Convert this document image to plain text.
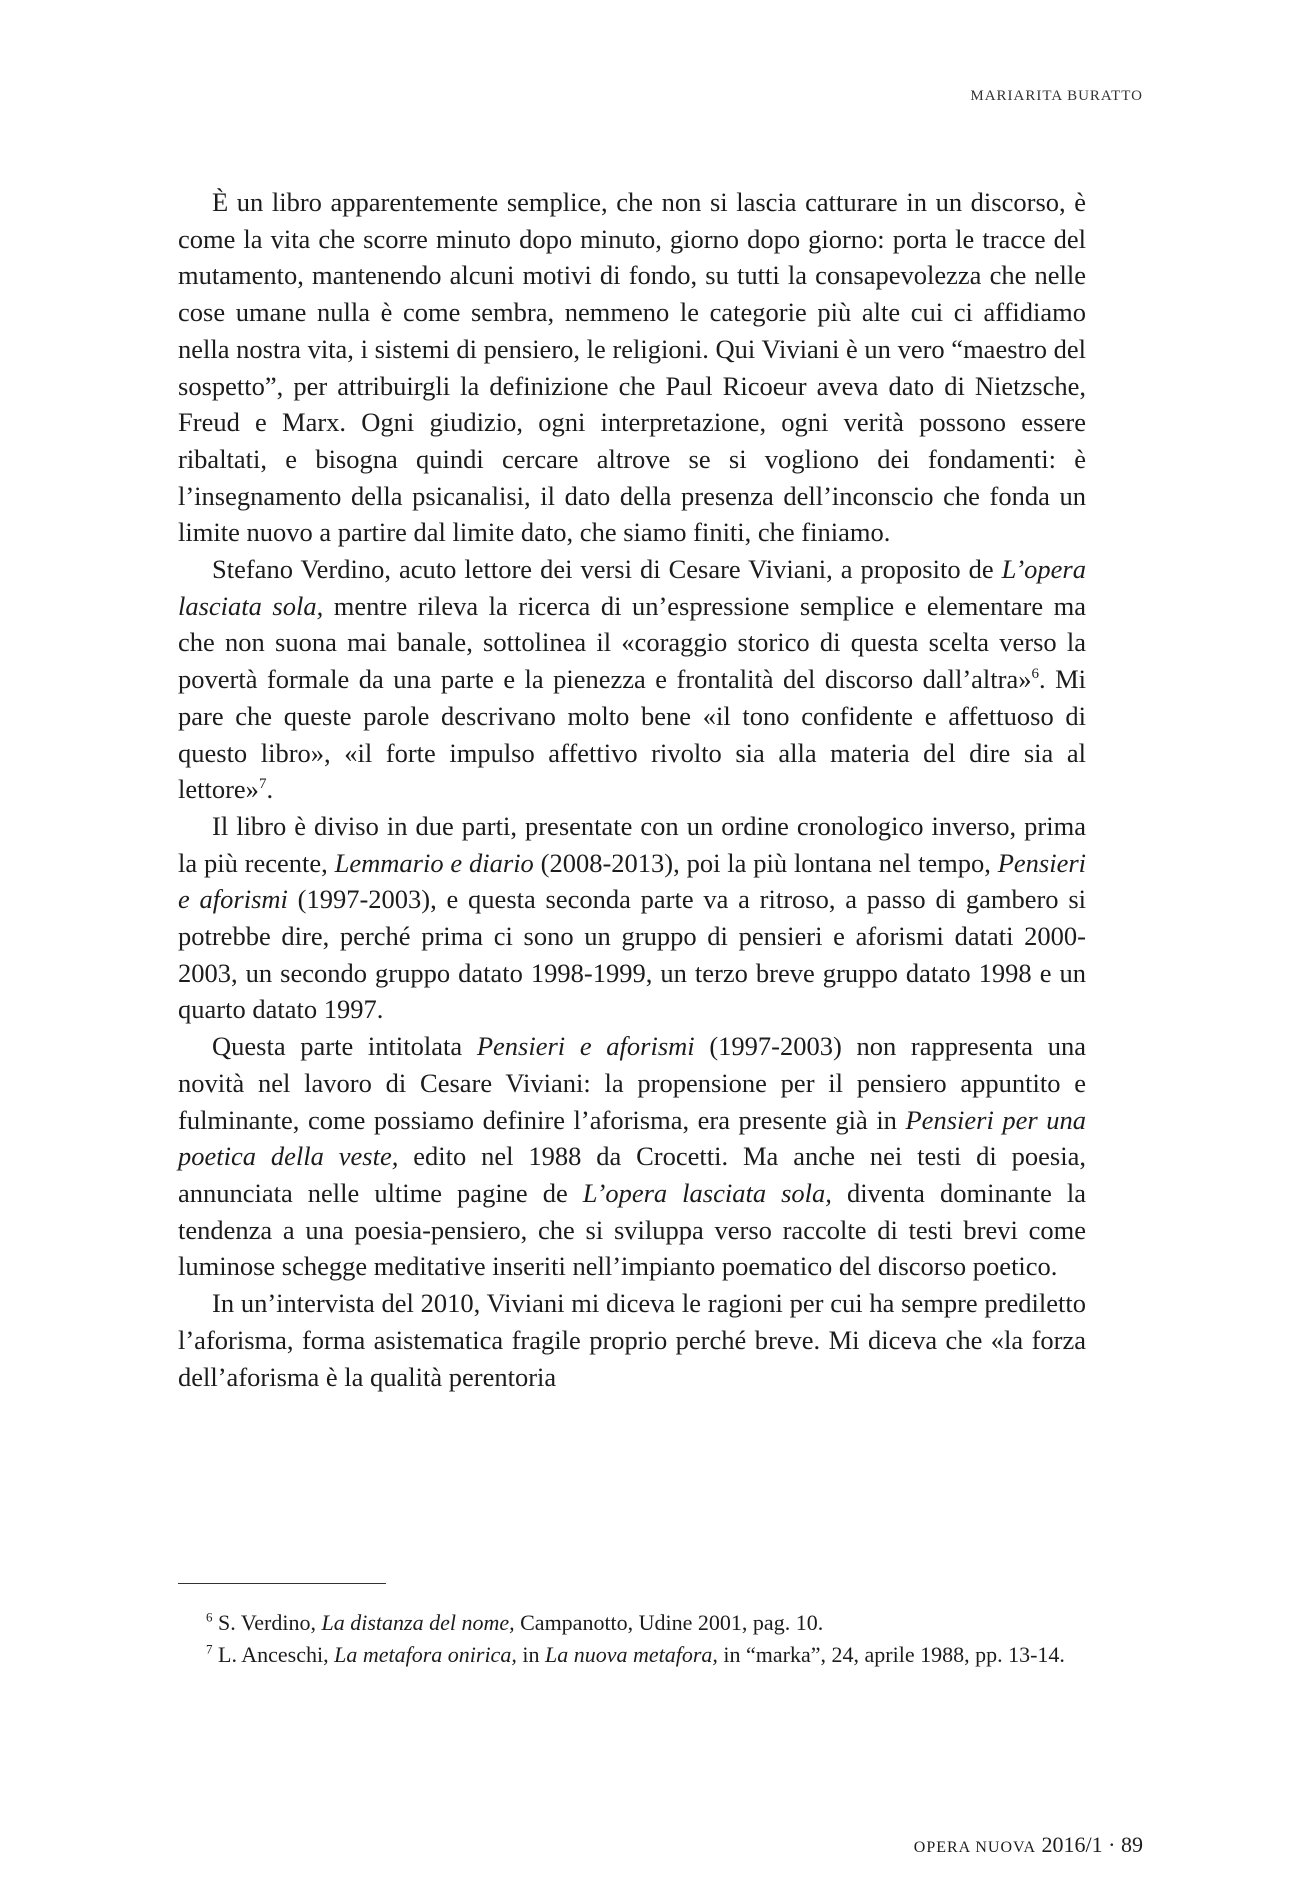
MARIARITA BURATTO

È un libro apparentemente semplice, che non si lascia catturare in un discorso, è come la vita che scorre minuto dopo minuto, giorno dopo giorno: porta le tracce del mutamento, mantenendo alcuni motivi di fondo, su tutti la consapevolezza che nelle cose umane nulla è come sembra, nemmeno le categorie più alte cui ci affidiamo nella nostra vita, i sistemi di pensiero, le religioni. Qui Viviani è un vero “maestro del sospetto”, per attribuirgli la definizione che Paul Ricoeur aveva dato di Nietzsche, Freud e Marx. Ogni giudizio, ogni interpretazione, ogni verità possono essere ribaltati, e bisogna quindi cercare altrove se si vogliono dei fondamenti: è l’insegnamento della psicanalisi, il dato della presenza dell’inconscio che fonda un limite nuovo a partire dal limite dato, che siamo finiti, che finiamo.

Stefano Verdino, acuto lettore dei versi di Cesare Viviani, a proposito de L’opera lasciata sola, mentre rileva la ricerca di un’espressione semplice e elementare ma che non suona mai banale, sottolinea il «coraggio storico di questa scelta verso la povertà formale da una parte e la pienezza e frontalità del discorso dall’altra»$^6$. Mi pare che queste parole descrivano molto bene «il tono confidente e affettuoso di questo libro», «il forte impulso affettivo rivolto sia alla materia del dire sia al lettore»$^7$.

Il libro è diviso in due parti, presentate con un ordine cronologico inverso, prima la più recente, Lemmario e diario (2008-2013), poi la più lontana nel tempo, Pensieri e aforismi (1997-2003), e questa seconda parte va a ritroso, a passo di gambero si potrebbe dire, perché prima ci sono un gruppo di pensieri e aforismi datati 2000-2003, un secondo gruppo datato 1998-1999, un terzo breve gruppo datato 1998 e un quarto datato 1997.

Questa parte intitolata Pensieri e aforismi (1997-2003) non rappresenta una novità nel lavoro di Cesare Viviani: la propensione per il pensiero appuntito e fulminante, come possiamo definire l’aforisma, era presente già in Pensieri per una poetica della veste, edito nel 1988 da Crocetti. Ma anche nei testi di poesia, annunciata nelle ultime pagine de L’opera lasciata sola, diventa dominante la tendenza a una poesia-pensiero, che si sviluppa verso raccolte di testi brevi come luminose schegge meditative inseriti nell’impianto poematico del discorso poetico.

In un’intervista del 2010, Viviani mi diceva le ragioni per cui ha sempre prediletto l’aforisma, forma asistematica fragile proprio perché breve. Mi diceva che «la forza dell’aforisma è la qualità perentoria

$^6$ S. Verdino, La distanza del nome, Campanotto, Udine 2001, pag. 10.

$^7$ L. Anceschi, La metafora onirica, in La nuova metafora, in “marka”, 24, aprile 1988, pp. 13-14.

OPERA NUOVA 2016/1 · 89
